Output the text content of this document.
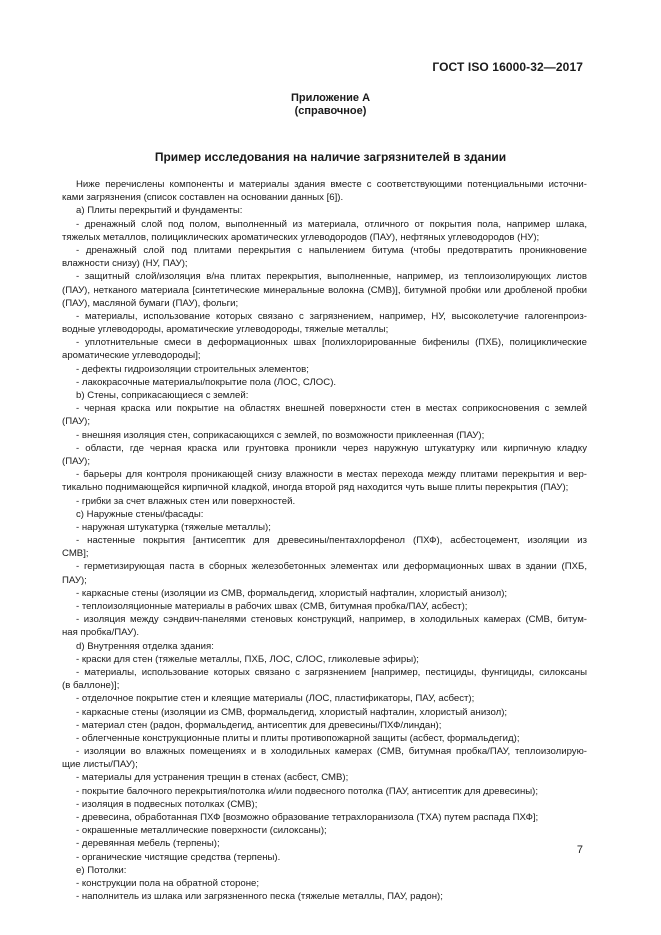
ГОСТ ISO 16000-32—2017
Приложение А
(справочное)
Пример исследования на наличие загрязнителей в здании
Ниже перечислены компоненты и материалы здания вместе с соответствующими потенциальными источни-
ками загрязнения (список составлен на основании данных [6]).
a) Плиты перекрытий и фундаменты:
- дренажный слой под полом, выполненный из материала, отличного от покрытия пола, например шлака,
тяжелых металлов, полициклических ароматических углеводородов (ПАУ), нефтяных углеводородов (НУ);
- дренажный слой под плитами перекрытия с напылением битума (чтобы предотвратить проникновение
влажности снизу) (НУ, ПАУ);
- защитный слой/изоляция в/на плитах перекрытия, выполненные, например, из теплоизолирующих листов
(ПАУ), нетканого материала [синтетические минеральные волокна (СМВ)], битумной пробки или дробленой пробки
(ПАУ), масляной бумаги (ПАУ), фольги;
- материалы, использование которых связано с загрязнением, например, НУ, высоколетучие галогенпроиз-
водные углеводороды, ароматические углеводороды, тяжелые металлы;
- уплотнительные смеси в деформационных швах [полихлорированные бифенилы (ПХБ), полициклические
ароматические углеводороды];
- дефекты гидроизоляции строительных элементов;
- лакокрасочные материалы/покрытие пола (ЛОС, СЛОС).
b) Стены, соприкасающиеся с землей:
- черная краска или покрытие на областях внешней поверхности стен в местах соприкосновения с землей
(ПАУ);
- внешняя изоляция стен, соприкасающихся с землей, по возможности приклеенная (ПАУ);
- области, где черная краска или грунтовка проникли через наружную штукатурку или кирпичную кладку
(ПАУ);
- барьеры для контроля проникающей снизу влажности в местах перехода между плитами перекрытия и вер-
тикально поднимающейся кирпичной кладкой, иногда второй ряд находится чуть выше плиты перекрытия (ПАУ);
- грибки за счет влажных стен или поверхностей.
c) Наружные стены/фасады:
- наружная штукатурка (тяжелые металлы);
- настенные покрытия [антисептик для древесины/пентахлорфенол (ПХФ), асбестоцемент, изоляции из
СМВ];
- герметизирующая паста в сборных железобетонных элементах или деформационных швах в здании (ПХБ,
ПАУ);
- каркасные стены (изоляции из СМВ, формальдегид, хлористый нафталин, хлористый анизол);
- теплоизоляционные материалы в рабочих швах (СМВ, битумная пробка/ПАУ, асбест);
- изоляция между сэндвич-панелями стеновых конструкций, например, в холодильных камерах (СМВ, битум-
ная пробка/ПАУ).
d) Внутренняя отделка здания:
- краски для стен (тяжелые металлы, ПХБ, ЛОС, СЛОС, гликолевые эфиры);
- материалы, использование которых связано с загрязнением [например, пестициды, фунгициды, силоксаны
(в баллоне)];
- отделочное покрытие стен и клеящие материалы (ЛОС, пластификаторы, ПАУ, асбест);
- каркасные стены (изоляции из СМВ, формальдегид, хлористый нафталин, хлористый анизол);
- материал стен (радон, формальдегид, антисептик для древесины/ПХФ/линдан);
- облегченные конструкционные плиты и плиты противопожарной защиты (асбест, формальдегид);
- изоляции во влажных помещениях и в холодильных камерах (СМВ, битумная пробка/ПАУ, теплоизолирую-
щие листы/ПАУ);
- материалы для устранения трещин в стенах (асбест, СМВ);
- покрытие балочного перекрытия/потолка и/или подвесного потолка (ПАУ, антисептик для древесины);
- изоляция в подвесных потолках (СМВ);
- древесина, обработанная ПХФ [возможно образование тетрахлоранизола (ТХА) путем распада ПХФ];
- окрашенные металлические поверхности (силоксаны);
- деревянная мебель (терпены);
- органические чистящие средства (терпены).
e) Потолки:
- конструкции пола на обратной стороне;
- наполнитель из шлака или загрязненного песка (тяжелые металлы, ПАУ, радон);
7
